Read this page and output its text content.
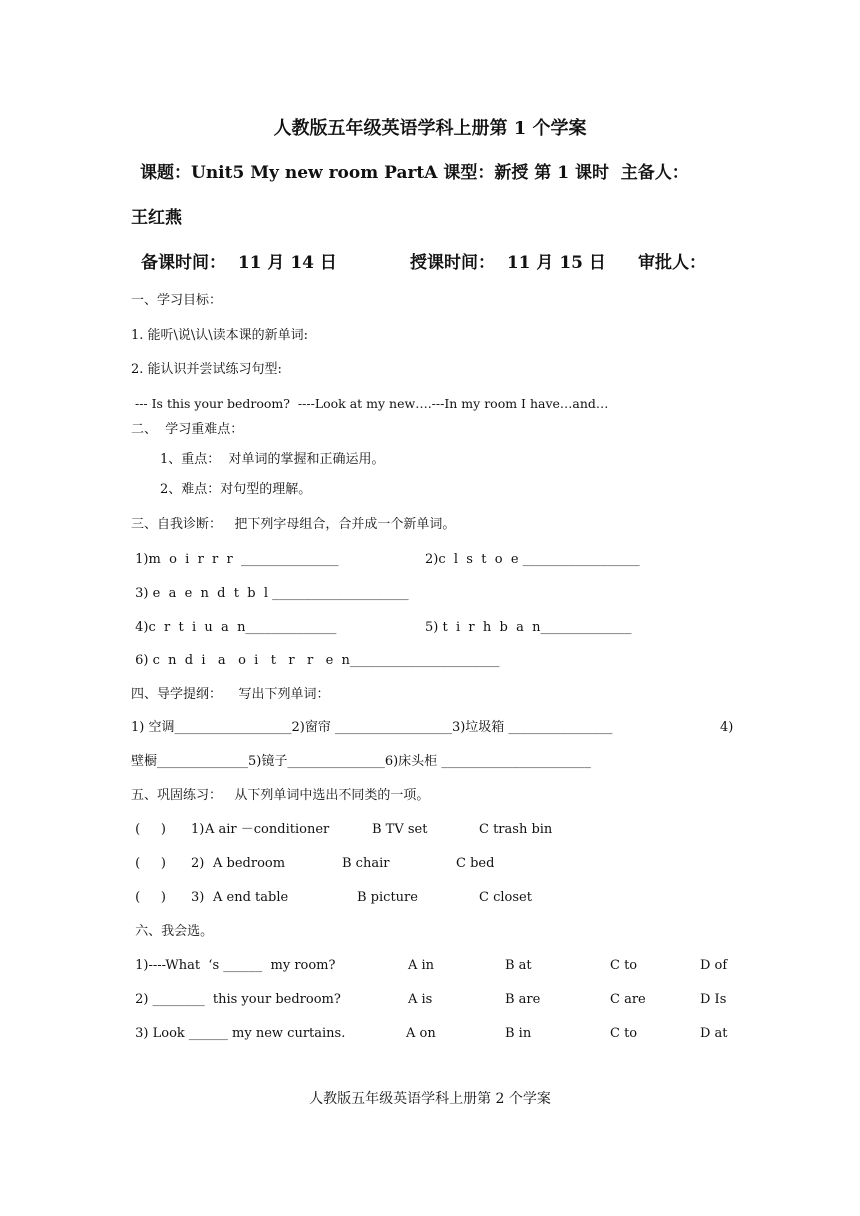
人教版五年级英语学科上册第 1 个学案
课题：Unit5 My new room PartA 课型：新授 第 1 课时  主备人：
王红燕
备课时间：  11 月 14 日	授课时间：  11 月 15 日 审批人：
一、学习目标：
1. 能听\说\认\读本课的新单词:
2. 能认识并尝试练习句型:
--- Is this your bedroom?  ----Look at my new….---In my room I have…and…
二、  学习重难点：
1、重点：  对单词的掌握和正确运用。
2、难点：对句型的理解。
三、自我诊断：   把下列字母组合，合并成一个新单词。
1)m  o  i  r  r  r  _______________	2)c  l  s  t  o  e __________________
3) e  a  e  n  d  t  b  l _____________________
4)c  r  t  i  u  a  n______________	5) t  i  r  h  b  a  n______________
6) c  n  d  i   a   o  i   t   r   r   e  n_______________________
四、导学提纲：    写出下列单词：
1) 空调__________________2)窗帘 __________________3)垃圾箱 ________________	4)
壁橱______________5)镜子_______________6)床头柜 _______________________
五、巩固练习：   从下列单词中选出不同类的一项。
(     ) 1) A air －conditioner	B TV set	C trash bin
(     ) 2) A bedroom	B chair	C bed
(     ) 3) A end table	B picture	C closet
六、我会选。
1)----What  ‘s ______  my room?	A in	B at	C to	D of
2) ________  this your bedroom?	A is	B are	C are	D Is
3) Look ______ my new curtains.	A on	B in	C to	D at
人教版五年级英语学科上册第 2 个学案
